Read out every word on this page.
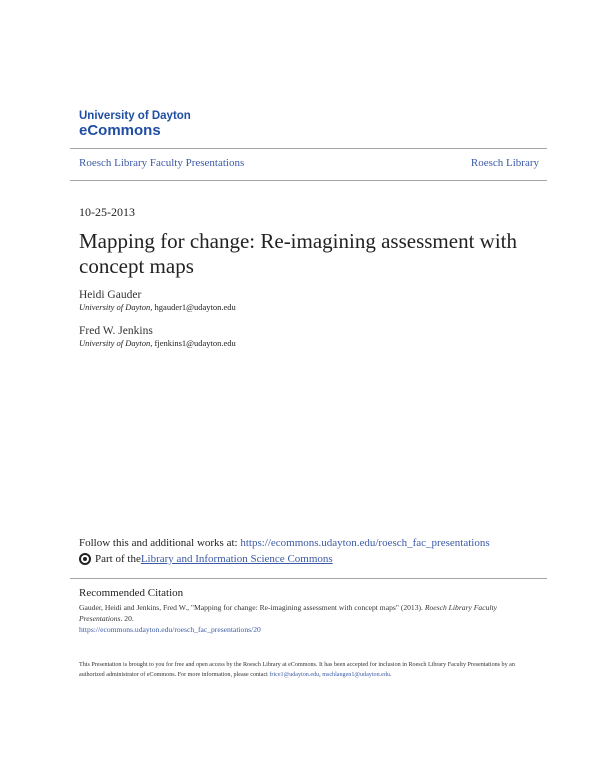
University of Dayton
eCommons
Roesch Library Faculty Presentations	Roesch Library
10-25-2013
Mapping for change: Re-imagining assessment with concept maps
Heidi Gauder
University of Dayton, hgauder1@udayton.edu
Fred W. Jenkins
University of Dayton, fjenkins1@udayton.edu
Follow this and additional works at: https://ecommons.udayton.edu/roesch_fac_presentations
Part of the Library and Information Science Commons
Recommended Citation
Gauder, Heidi and Jenkins, Fred W., "Mapping for change: Re-imagining assessment with concept maps" (2013). Roesch Library Faculty Presentations. 20.
https://ecommons.udayton.edu/roesch_fac_presentations/20
This Presentation is brought to you for free and open access by the Roesch Library at eCommons. It has been accepted for inclusion in Roesch Library Faculty Presentations by an authorized administrator of eCommons. For more information, please contact frice1@udayton.edu, mschlangen1@udayton.edu.
